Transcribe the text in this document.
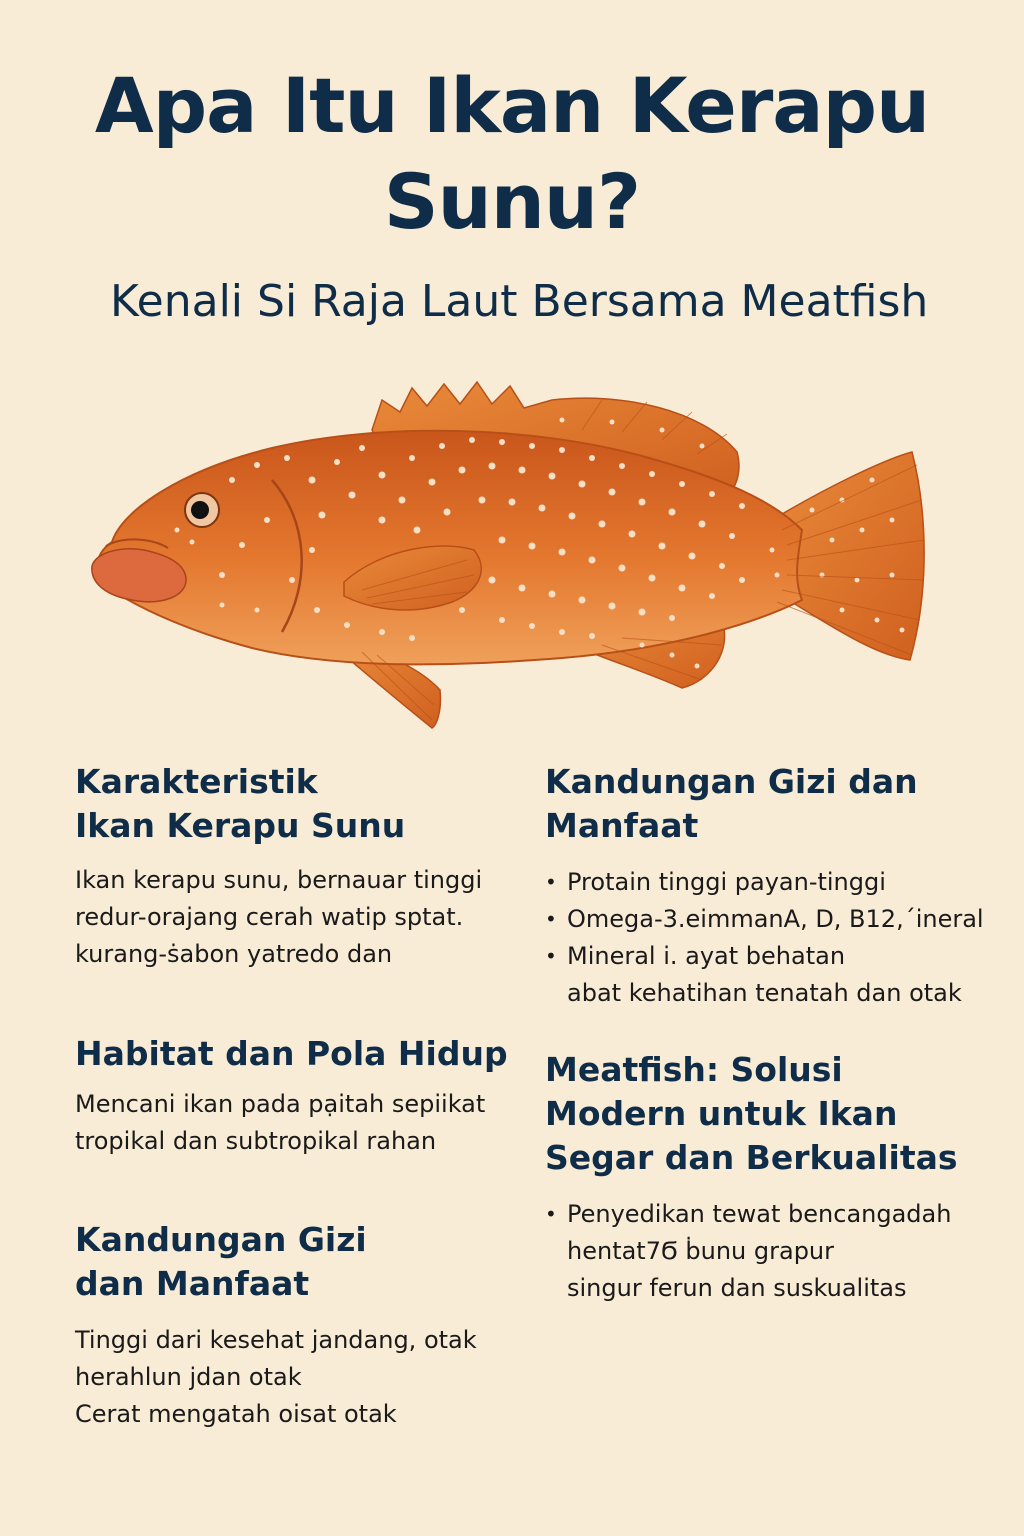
Apa Itu Ikan Kerapu
Sunu?
Kenali Si Raja Laut Bersama Meatfish
Karakteristik
Ikan Kerapu Sunu

Ikan kerapu sunu, bernauar tinggi

redur-orajang cerah watip sptat.

kurang-ṡabon yatredo dan

Habitat dan Pola Hidup

Mencani ikan pada pạitah sepiikat

tropikal dan subtropikal rahan

Kandungan Gizi
dan Manfaat

Tinggi dari kesehat jandang, otak

herahlun jdan otak

Cerat mengatah oisat otak

Kandungan Gizi dan
Manfaat
• Protain tinggi payan-tinggi
• Omega-3.eimmanA, D, B12,ˊineral
• Mineral i. ayat behatan

abat kehatihan tenatah dan otak

Meatfish: Solusi
Modern untuk Ikan
Segar dan Berkualitas
• Penyedikan tewat bencangadah

hentat7Ϭ ḃunu grapur

singur ferun dan suskualitas
